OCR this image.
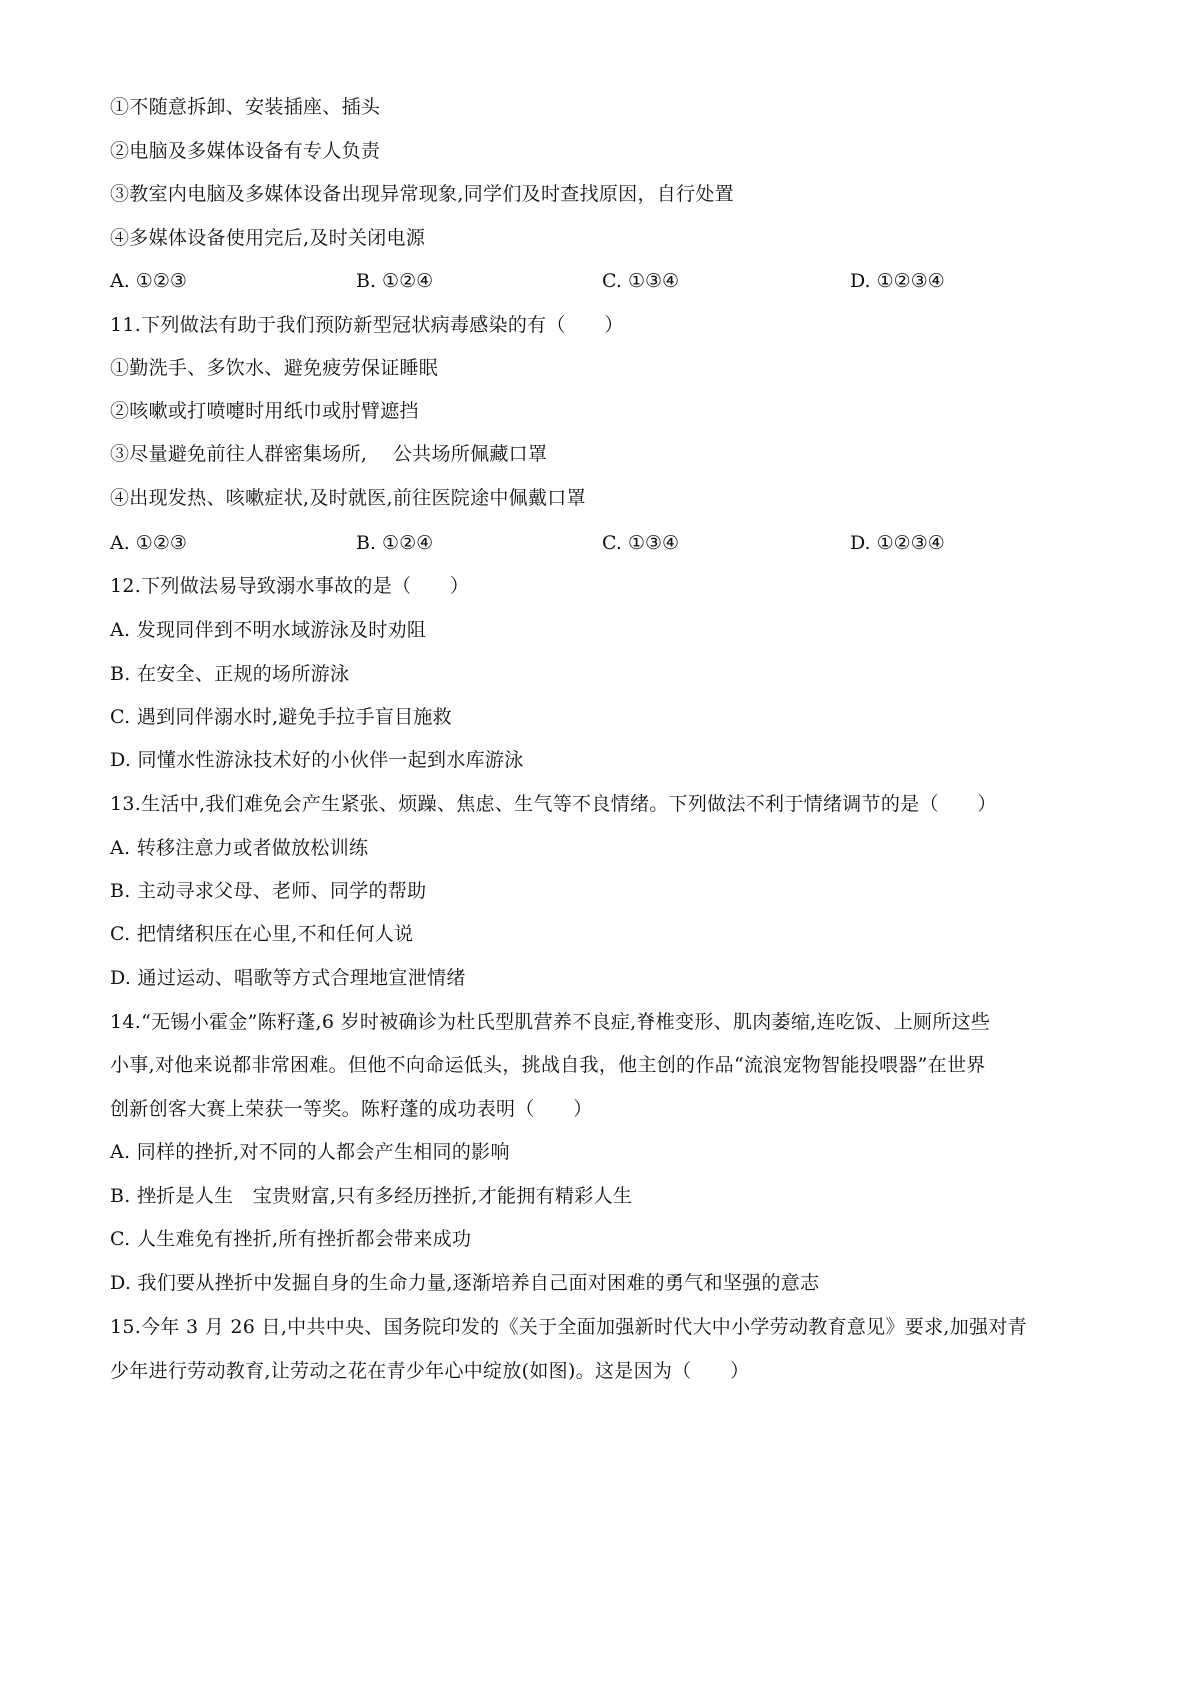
①不随意拆卸、安装插座、插头
②电脑及多媒体设备有专人负责
③教室内电脑及多媒体设备出现异常现象,同学们及时查找原因，自行处置
④多媒体设备使用完后,及时关闭电源
A. ①②③	B. ①②④	C. ①③④	D. ①②③④
11.下列做法有助于我们预防新型冠状病毒感染的有（　　）
①勤洗手、多饮水、避免疲劳保证睡眠
②咳嗽或打喷嚏时用纸巾或肘臂遮挡
③尽量避免前往人群密集场所,　 公共场所佩藏口罩
④出现发热、咳嗽症状,及时就医,前往医院途中佩戴口罩
A. ①②③	B. ①②④	C. ①③④	D. ①②③④
12.下列做法易导致溺水事故的是（　　）
A. 发现同伴到不明水域游泳及时劝阻
B. 在安全、正规的场所游泳
C. 遇到同伴溺水时,避免手拉手盲目施救
D. 同懂水性游泳技术好的小伙伴一起到水库游泳
13.生活中,我们难免会产生紧张、烦躁、焦虑、生气等不良情绪。下列做法不利于情绪调节的是（　　）
A. 转移注意力或者做放松训练
B. 主动寻求父母、老师、同学的帮助
C. 把情绪积压在心里,不和任何人说
D. 通过运动、唱歌等方式合理地宣泄情绪
14.“无锡小霍金”陈籽蓬,6 岁时被确诊为杜氏型肌营养不良症,脊椎变形、肌肉萎缩,连吃饭、上厕所这些
小事,对他来说都非常困难。但他不向命运低头，挑战自我，他主创的作品“流浪宠物智能投喂器”在世界
创新创客大赛上荣获一等奖。陈籽蓬的成功表明（　　）
A. 同样的挫折,对不同的人都会产生相同的影响
B. 挫折是人生　宝贵财富,只有多经历挫折,才能拥有精彩人生
C. 人生难免有挫折,所有挫折都会带来成功
D. 我们要从挫折中发掘自身的生命力量,逐渐培养自己面对困难的勇气和坚强的意志
15.今年 3 月 26 日,中共中央、国务院印发的《关于全面加强新时代大中小学劳动教育意见》要求,加强对青
少年进行劳动教育,让劳动之花在青少年心中绽放(如图)。这是因为（　　）
